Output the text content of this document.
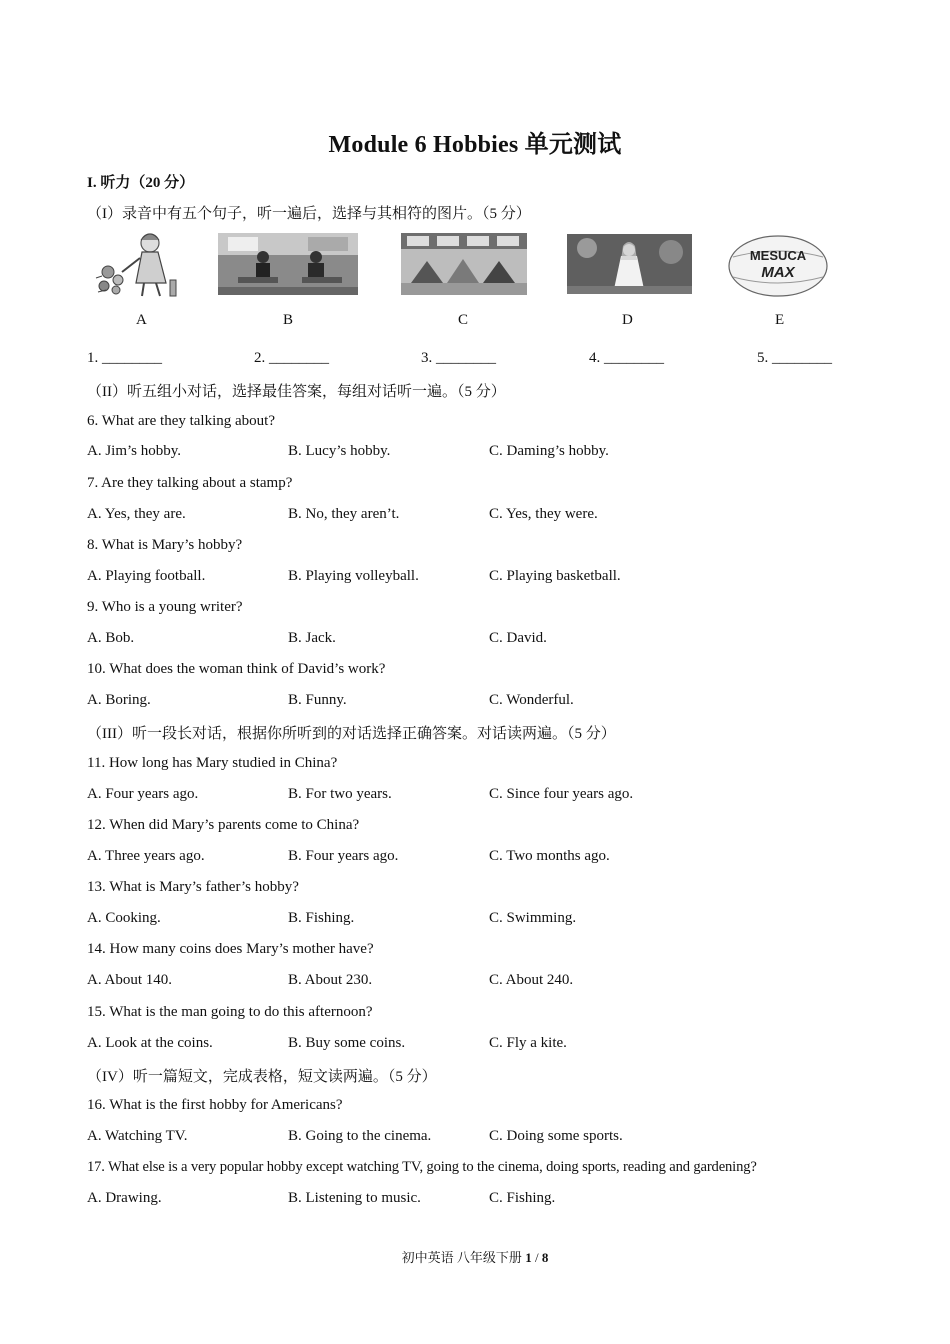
Module 6 Hobbies 单元测试
I. 听力（20 分）
（I）录音中有五个句子，听一遍后，选择与其相符的图片。（5 分）
MESUCA
MAX
A	B	C	D	E
1. ________	2. ________	3. ________	4. ________	5. ________
（II）听五组小对话，选择最佳答案，每组对话听一遍。（5 分）
6. What are they talking about?
A. Jim’s hobby.	B. Lucy’s hobby.	C. Daming’s hobby.
7. Are they talking about a stamp?
A. Yes, they are.	B. No, they aren’t.	C. Yes, they were.
8. What is Mary’s hobby?
A. Playing football.	B. Playing volleyball.	C. Playing basketball.
9. Who is a young writer?
A. Bob.	B. Jack.	C. David.
10. What does the woman think of David’s work?
A. Boring.	B. Funny.	C. Wonderful.
（III）听一段长对话，根据你所听到的对话选择正确答案。对话读两遍。（5 分）
11. How long has Mary studied in China?
A. Four years ago.	B. For two years.	C. Since four years ago.
12. When did Mary’s parents come to China?
A. Three years ago.	B. Four years ago.	C. Two months ago.
13. What is Mary’s father’s hobby?
A. Cooking.	B. Fishing.	C. Swimming.
14. How many coins does Mary’s mother have?
A. About 140.	B. About 230.	C. About 240.
15. What is the man going to do this afternoon?
A. Look at the coins.	B. Buy some coins.	C. Fly a kite.
（IV）听一篇短文，完成表格，短文读两遍。（5 分）
16. What is the first hobby for Americans?
A. Watching TV.	B. Going to the cinema.	C. Doing some sports.
17. What else is a very popular hobby except watching TV, going to the cinema, doing sports, reading and gardening?
A. Drawing.	B. Listening to music.	C. Fishing.
初中英语 八年级下册 1 / 8
